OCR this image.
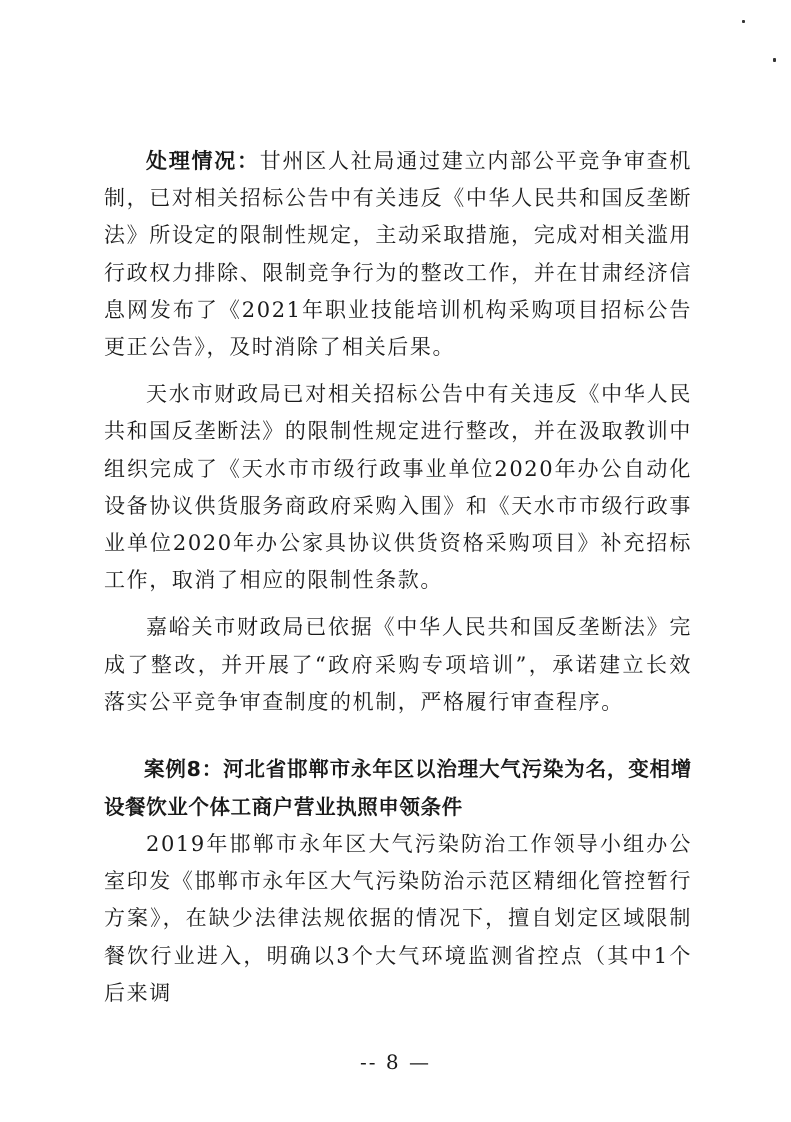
处理情况：甘州区人社局通过建立内部公平竞争审查机制，已对相关招标公告中有关违反《中华人民共和国反垄断法》所设定的限制性规定，主动采取措施，完成对相关滥用行政权力排除、限制竞争行为的整改工作，并在甘肃经济信息网发布了《2021年职业技能培训机构采购项目招标公告更正公告》，及时消除了相关后果。

天水市财政局已对相关招标公告中有关违反《中华人民共和国反垄断法》的限制性规定进行整改，并在汲取教训中组织完成了《天水市市级行政事业单位2020年办公自动化设备协议供货服务商政府采购入围》和《天水市市级行政事业单位2020年办公家具协议供货资格采购项目》补充招标工作，取消了相应的限制性条款。

嘉峪关市财政局已依据《中华人民共和国反垄断法》完成了整改，并开展了“政府采购专项培训”，承诺建立长效落实公平竞争审查制度的机制，严格履行审查程序。

案例8：河北省邯郸市永年区以治理大气污染为名，变相增设餐饮业个体工商户营业执照申领条件

2019年邯郸市永年区大气污染防治工作领导小组办公室印发《邯郸市永年区大气污染防治示范区精细化管控暂行方案》，在缺少法律法规依据的情况下，擅自划定区域限制餐饮行业进入，明确以3个大气环境监测省控点（其中1个后来调

-- 8 —
